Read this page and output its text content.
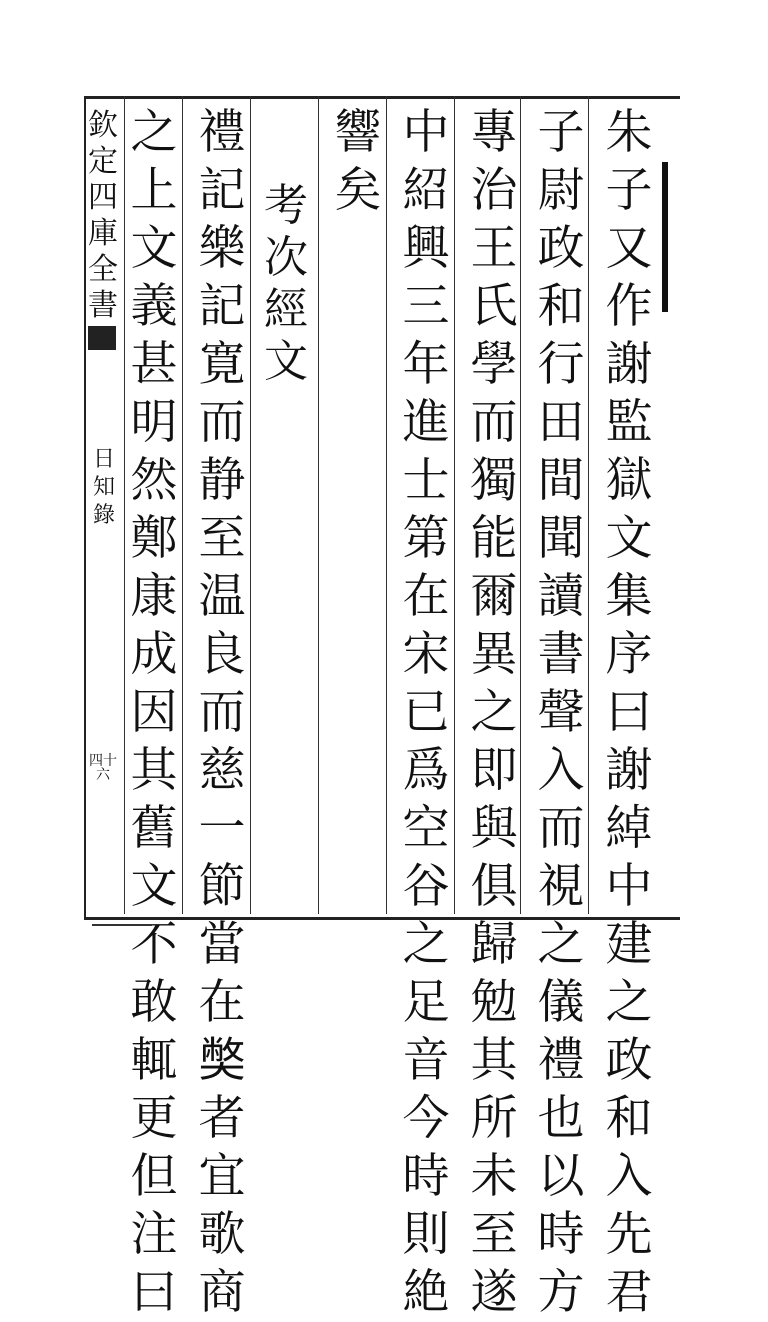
欽定四庫全書
日知錄
四十六
朱子又作謝監獄文集序曰謝綽中建之政和入先君
子尉政和行田間聞讀書聲入而視之儀禮也以時方
專治王氏學而獨能爾異之即與俱歸勉其所未至遂
中紹興三年進士第在宋已爲空谷之足音今時則絶
響矣
考次經文
禮記樂記寛而静至温良而慈一節當在𡚁者宜歌商
之上文義甚明然鄭康成因其舊文不敢輒更但注曰
